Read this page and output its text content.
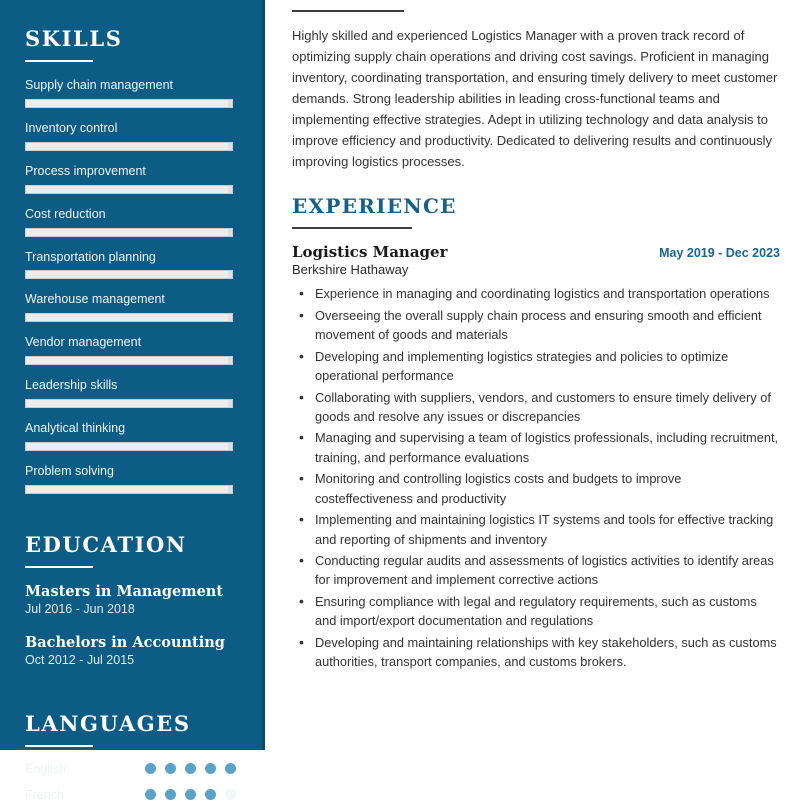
SKILLS
Supply chain management
Inventory control
Process improvement
Cost reduction
Transportation planning
Warehouse management
Vendor management
Leadership skills
Analytical thinking
Problem solving
EDUCATION
Masters in Management
Jul 2016 - Jun 2018
Bachelors in Accounting
Oct 2012 - Jul 2015
LANGUAGES
English
French

Highly skilled and experienced Logistics Manager with a proven track record of optimizing supply chain operations and driving cost savings. Proficient in managing inventory, coordinating transportation, and ensuring timely delivery to meet customer demands. Strong leadership abilities in leading cross-functional teams and implementing effective strategies. Adept in utilizing technology and data analysis to improve efficiency and productivity. Dedicated to delivering results and continuously improving logistics processes.

EXPERIENCE
Logistics Manager	May 2019 - Dec 2023
Berkshire Hathaway
• Experience in managing and coordinating logistics and transportation operations
• Overseeing the overall supply chain process and ensuring smooth and efficient movement of goods and materials
• Developing and implementing logistics strategies and policies to optimize operational performance
• Collaborating with suppliers, vendors, and customers to ensure timely delivery of goods and resolve any issues or discrepancies
• Managing and supervising a team of logistics professionals, including recruitment, training, and performance evaluations
• Monitoring and controlling logistics costs and budgets to improve costeffectiveness and productivity
• Implementing and maintaining logistics IT systems and tools for effective tracking and reporting of shipments and inventory
• Conducting regular audits and assessments of logistics activities to identify areas for improvement and implement corrective actions
• Ensuring compliance with legal and regulatory requirements, such as customs and import/export documentation and regulations
• Developing and maintaining relationships with key stakeholders, such as customs authorities, transport companies, and customs brokers.
